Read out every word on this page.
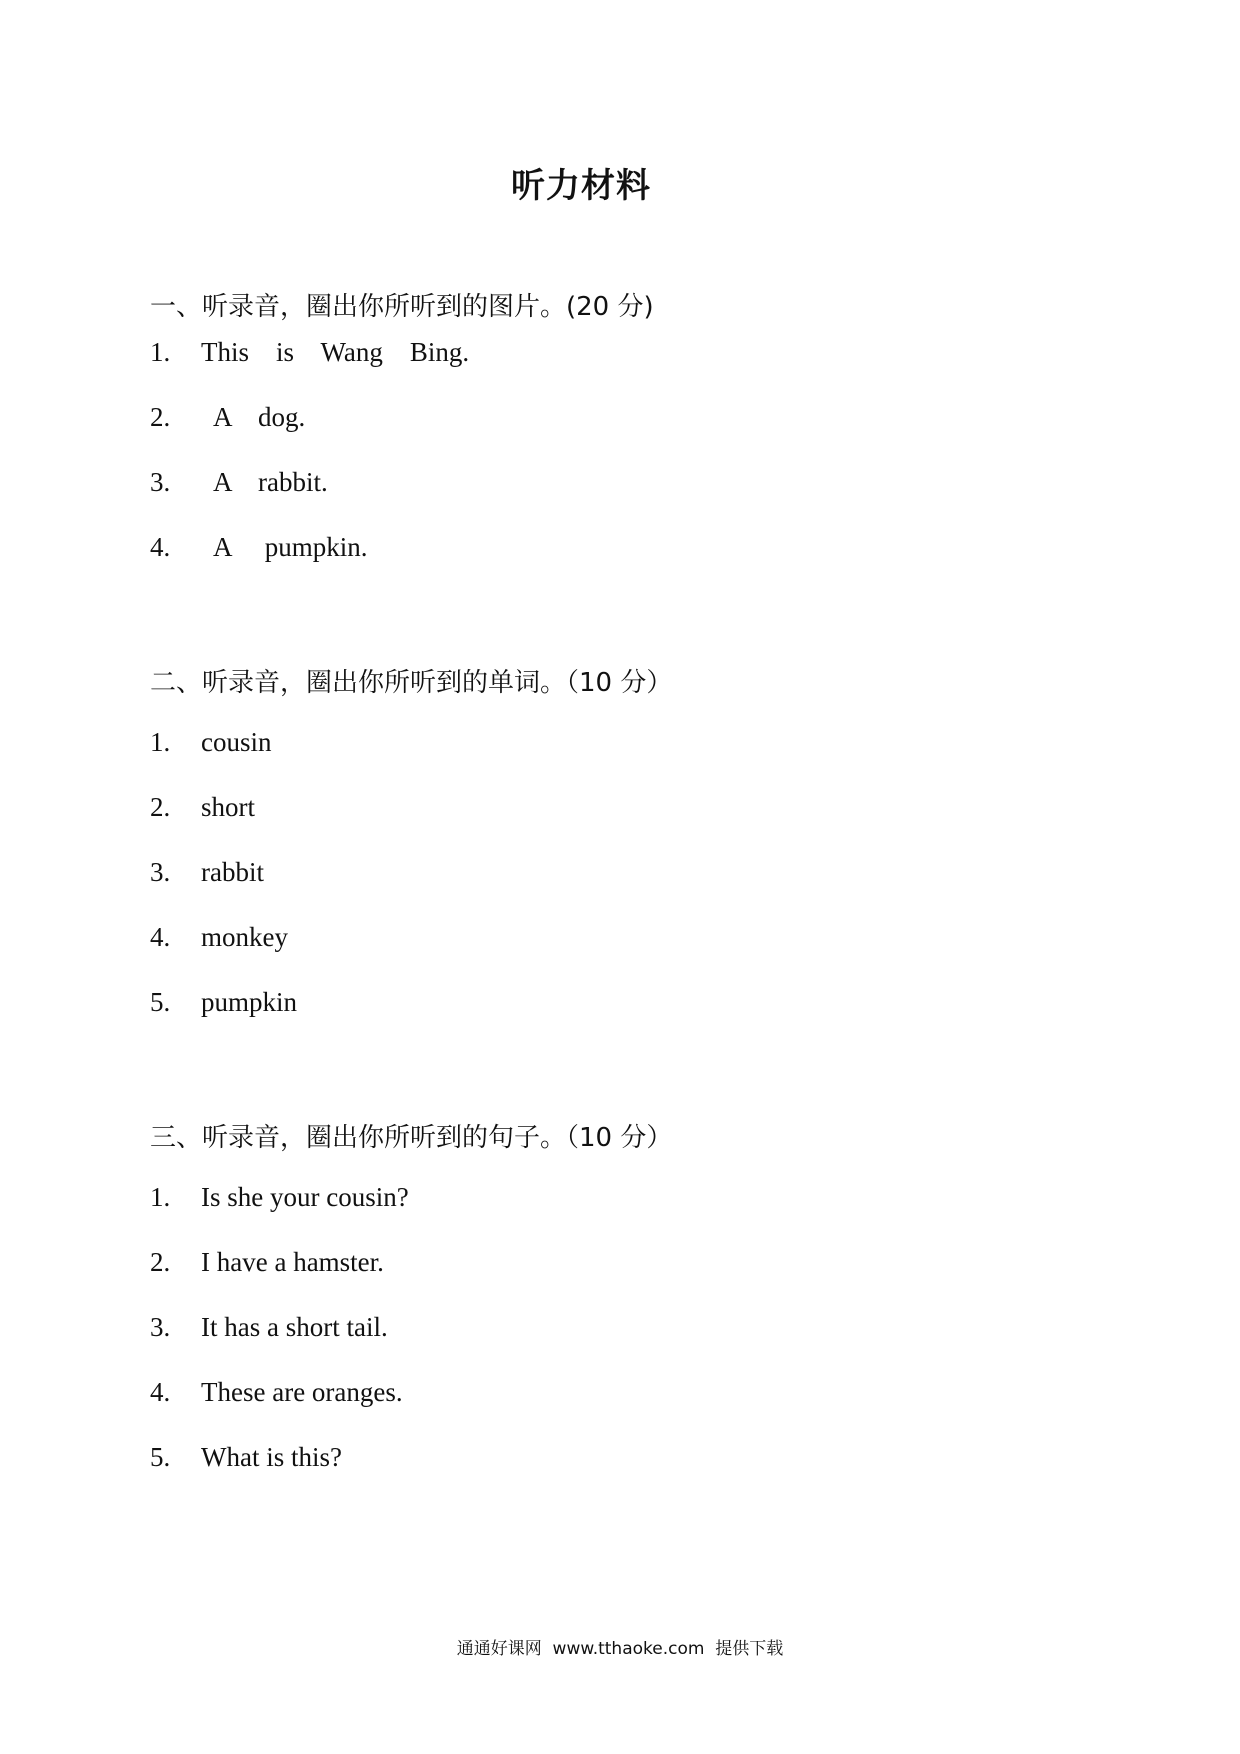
听力材料
一、听录音，圈出你所听到的图片。(20 分)
1. This    is    Wang    Bing.
2.  A    dog.
3.  A    rabbit.
4.  A     pumpkin.
二、听录音，圈出你所听到的单词。（10 分）
1. cousin
2. short
3. rabbit
4. monkey
5. pumpkin
三、听录音，圈出你所听到的句子。（10 分）
1. Is she your cousin?
2. I have a hamster.
3. It has a short tail.
4. These are oranges.
5. What is this?
通通好课网  www.tthaoke.com  提供下载
